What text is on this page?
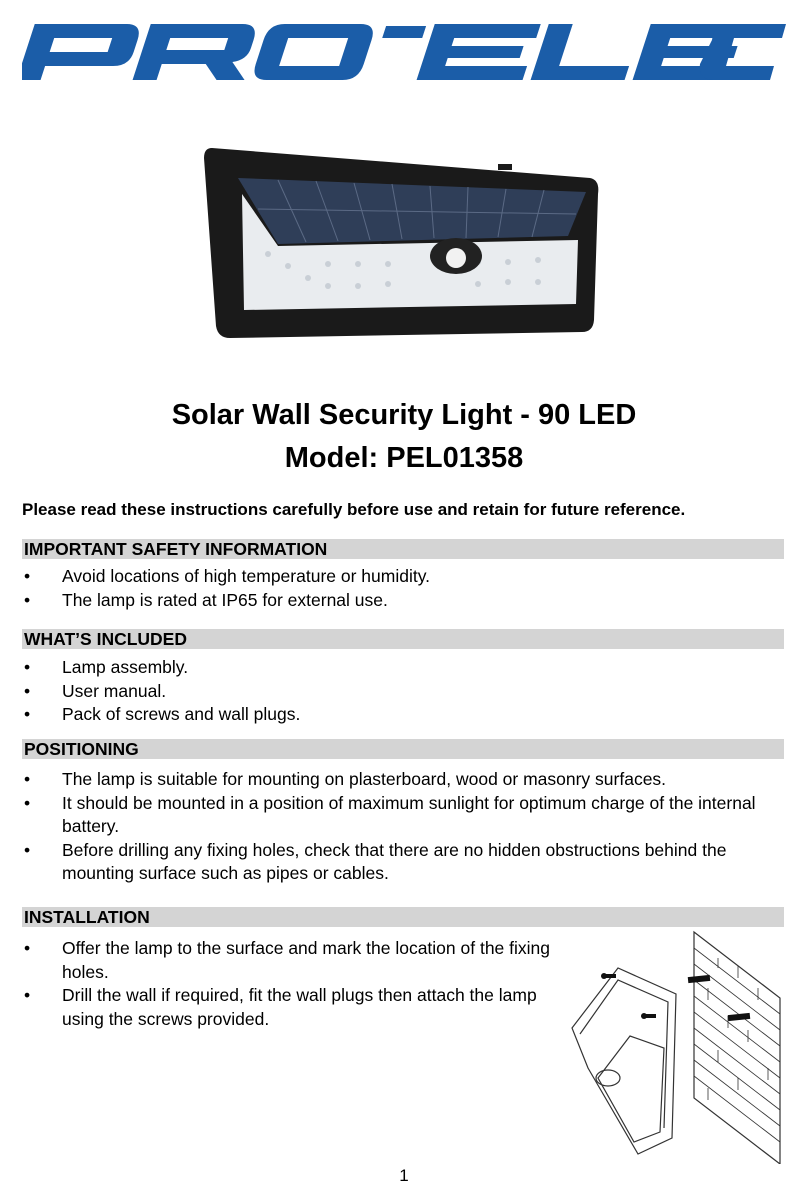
Solar Wall Security Light - 90 LED
Model: PEL01358

Please read these instructions carefully before use and retain for future reference.

IMPORTANT SAFETY INFORMATION
• Avoid locations of high temperature or humidity.
• The lamp is rated at IP65 for external use.
WHAT’S INCLUDED
• Lamp assembly.
• User manual.
• Pack of screws and wall plugs.
POSITIONING
• The lamp is suitable for mounting on plasterboard, wood or masonry surfaces.
• It should be mounted in a position of maximum sunlight for optimum charge of the internal battery.
• Before drilling any fixing holes, check that there are no hidden obstructions behind the mounting surface such as pipes or cables.
INSTALLATION
• Offer the lamp to the surface and mark the location of the fixing holes.
• Drill the wall if required, fit the wall plugs then attach the lamp using the screws provided.
1
